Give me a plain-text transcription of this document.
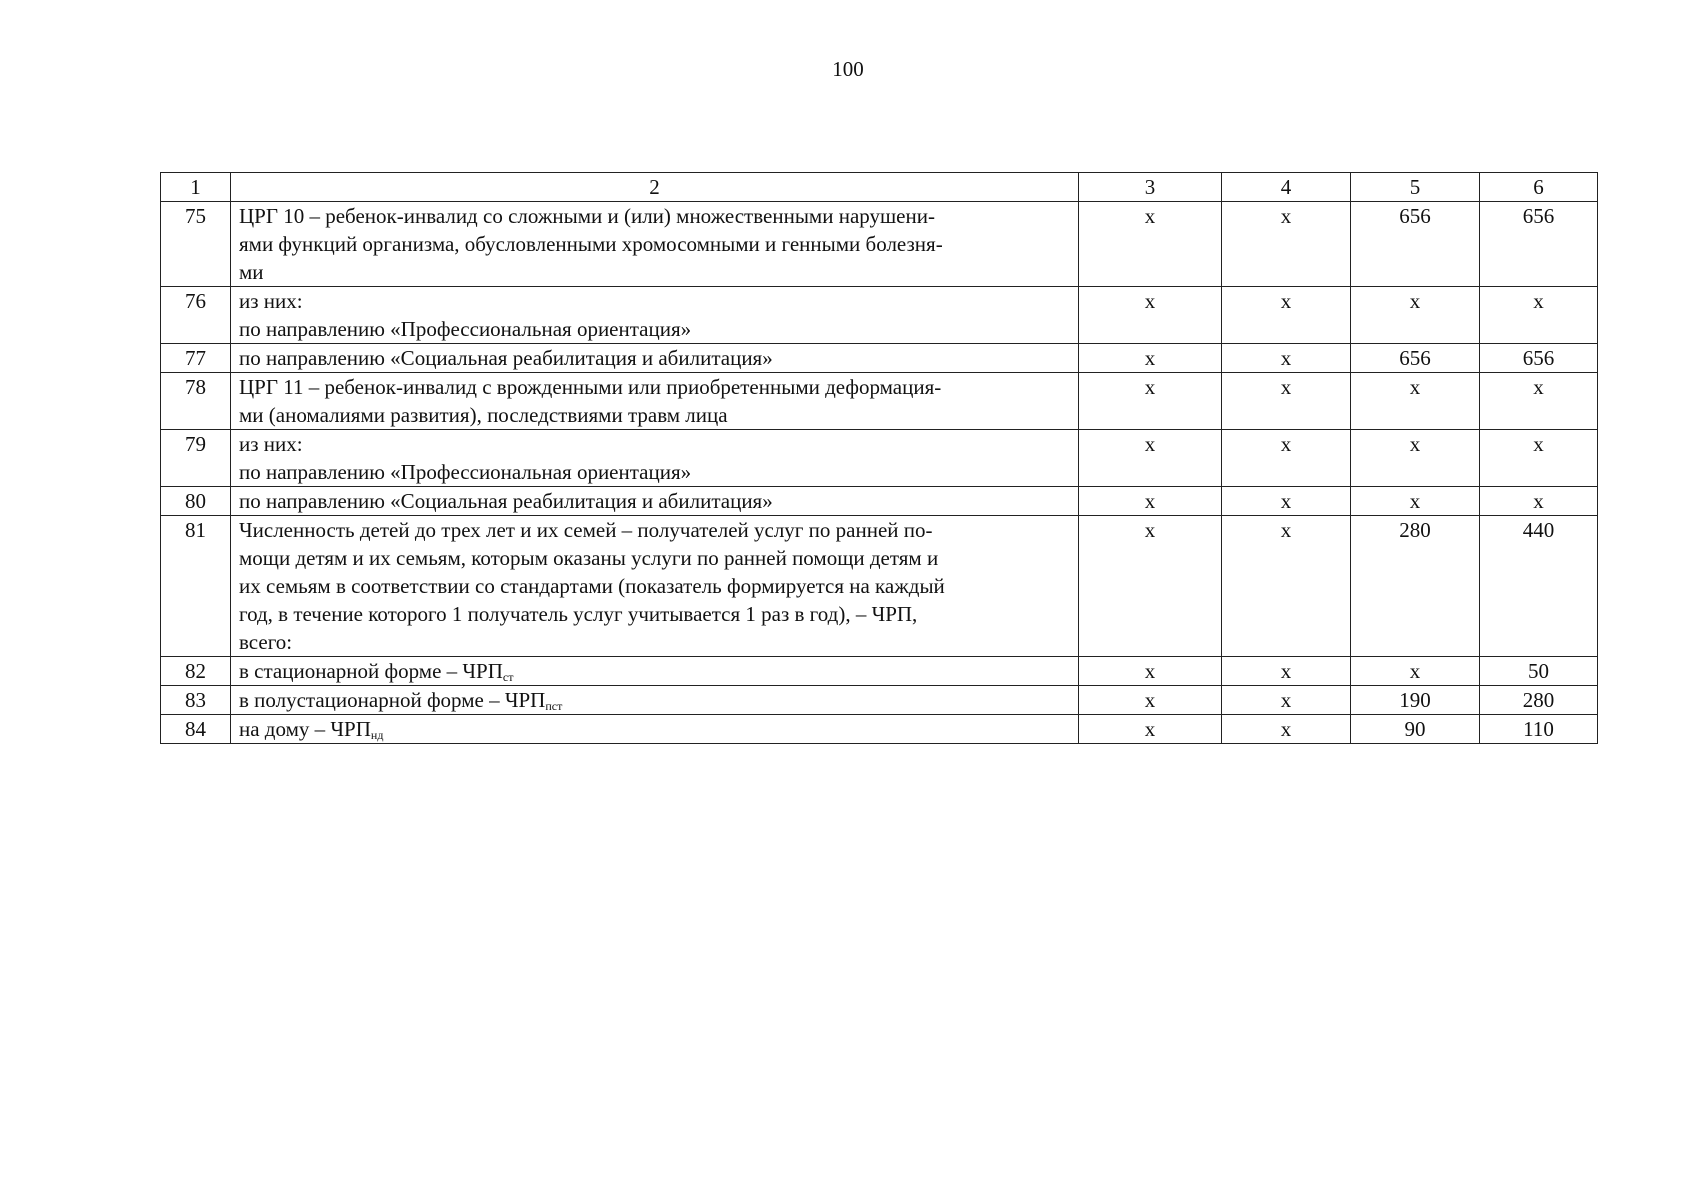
100
1	2	3	4	5	6
75	ЦРГ 10 – ребенок-инвалид со сложными и (или) множественными нарушени-
ями функций организма, обусловленными хромосомными и генными болезня-
ми	х	х	656	656
76	из них:
по направлению «Профессиональная ориентация»	х	х	х	х
77	по направлению «Социальная реабилитация и абилитация»	х	х	656	656
78	ЦРГ 11 – ребенок-инвалид с врожденными или приобретенными деформация-
ми (аномалиями развития), последствиями травм лица	х	х	х	х
79	из них:
по направлению «Профессиональная ориентация»	х	х	х	х
80	по направлению «Социальная реабилитация и абилитация»	х	х	х	х
81	Численность детей до трех лет и их семей – получателей услуг по ранней по-
мощи детям и их семьям, которым оказаны услуги по ранней помощи детям и
их семьям в соответствии со стандартами (показатель формируется на каждый
год, в течение которого 1 получатель услуг учитывается 1 раз в год), – ЧРП,
всего:	х	х	280	440
82	в стационарной форме – $ЧРП_{ст}$	х	х	х	50
83	в полустационарной форме – $ЧРП_{пст}$	х	х	190	280
84	на дому – $ЧРП_{нд}$	х	х	90	110
